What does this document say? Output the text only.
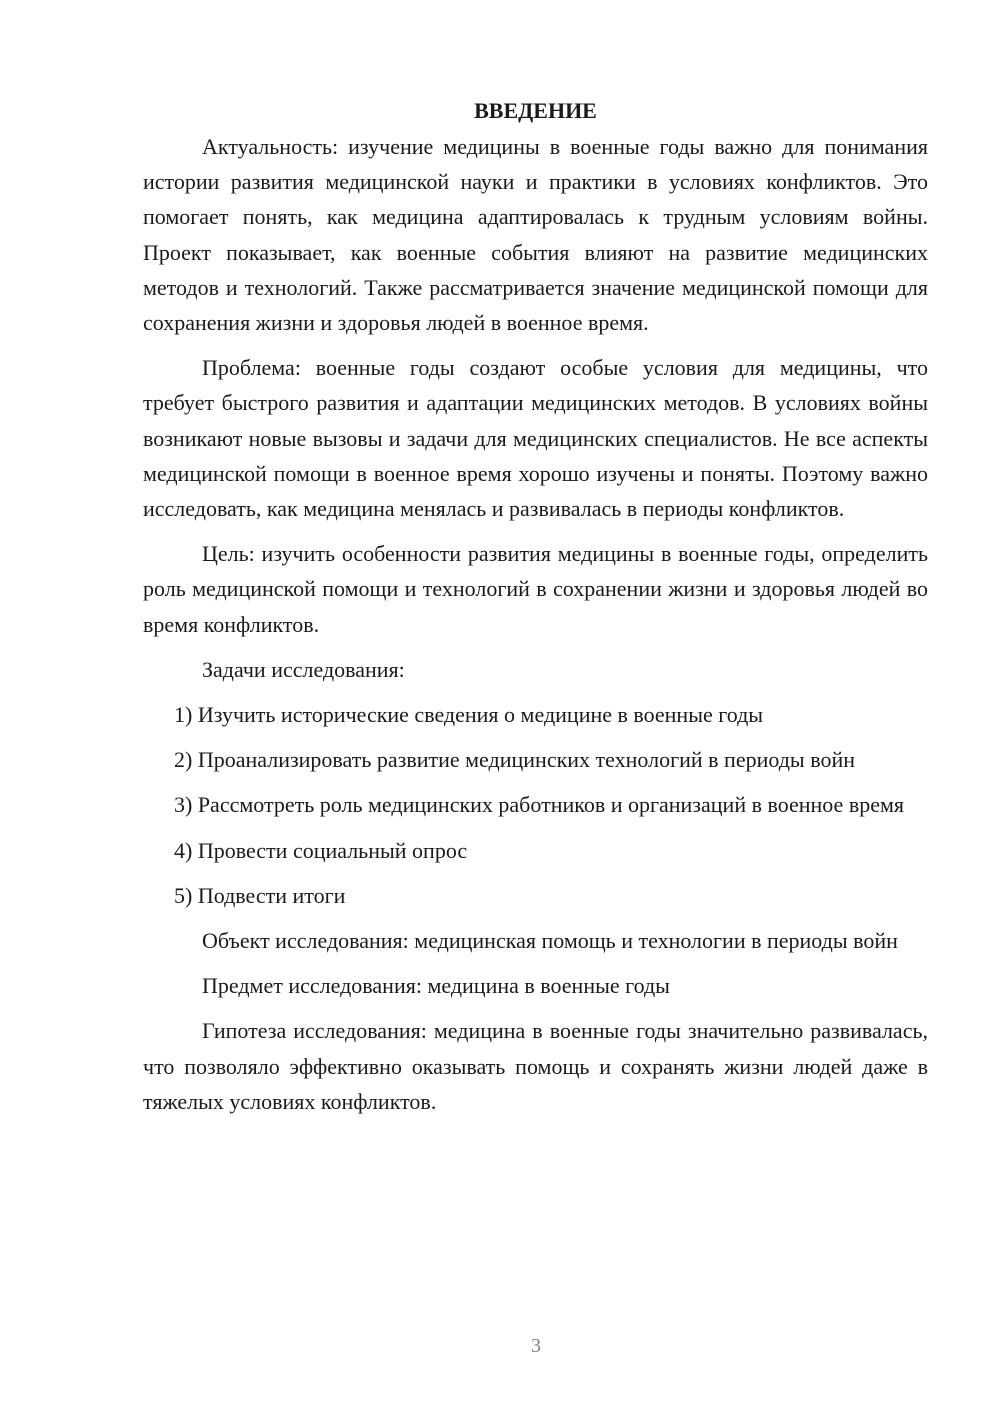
ВВЕДЕНИЕ

Актуальность: изучение медицины в военные годы важно для понимания истории развития медицинской науки и практики в условиях конфликтов. Это помогает понять, как медицина адаптировалась к трудным условиям войны. Проект показывает, как военные события влияют на развитие медицинских методов и технологий. Также рассматривается значение медицинской помощи для сохранения жизни и здоровья людей в военное время.

Проблема: военные годы создают особые условия для медицины, что требует быстрого развития и адаптации медицинских методов. В условиях войны возникают новые вызовы и задачи для медицинских специалистов. Не все аспекты медицинской помощи в военное время хорошо изучены и поняты. Поэтому важно исследовать, как медицина менялась и развивалась в периоды конфликтов.

Цель: изучить особенности развития медицины в военные годы, определить роль медицинской помощи и технологий в сохранении жизни и здоровья людей во время конфликтов.

Задачи исследования:

1) Изучить исторические сведения о медицине в военные годы

2) Проанализировать развитие медицинских технологий в периоды войн

3) Рассмотреть роль медицинских работников и организаций в военное время

4) Провести социальный опрос

5) Подвести итоги

Объект исследования: медицинская помощь и технологии в периоды войн

Предмет исследования: медицина в военные годы

Гипотеза исследования: медицина в военные годы значительно развивалась, что позволяло эффективно оказывать помощь и сохранять жизни людей даже в тяжелых условиях конфликтов.

3
